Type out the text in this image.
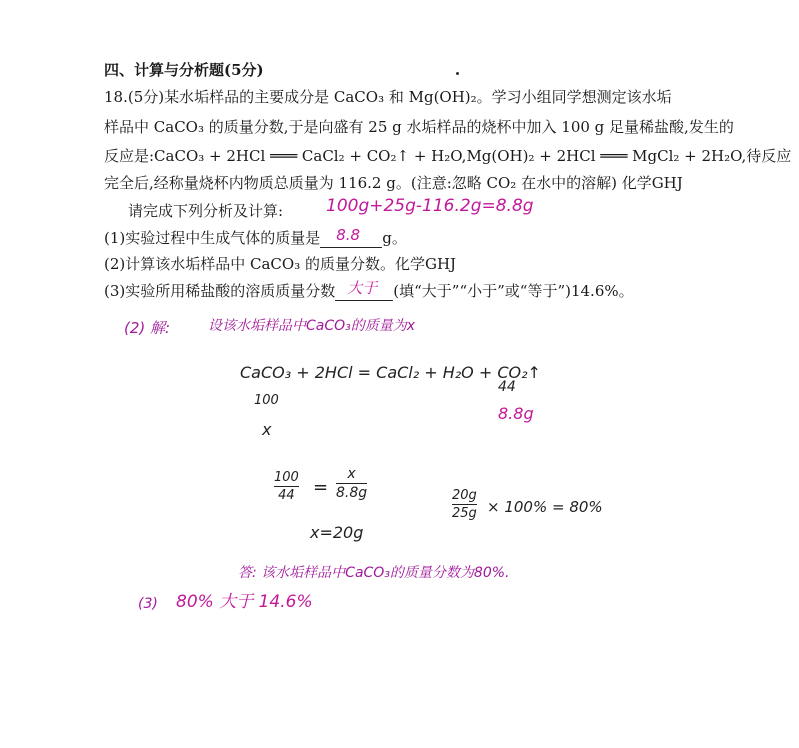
四、计算与分析题(5分)
18.(5分)某水垢样品的主要成分是 CaCO₃ 和 Mg(OH)₂。学习小组同学想测定该水垢
样品中 CaCO₃ 的质量分数,于是向盛有 25 g 水垢样品的烧杯中加入 100 g 足量稀盐酸,发生的
反应是:CaCO₃ + 2HCl ═══ CaCl₂ + CO₂↑ + H₂O,Mg(OH)₂ + 2HCl ═══ MgCl₂ + 2H₂O,待反应
完全后,经称量烧杯内物质总质量为 116.2 g。(注意:忽略 CO₂ 在水中的溶解) 化学GHJ
请完成下列分析及计算:	100g+25g-116.2g=8.8g
(1)实验过程中生成气体的质量是 8.8 g。
(2)计算该水垢样品中 CaCO₃ 的质量分数。化学GHJ
(3)实验所用稀盐酸的溶质质量分数 大于 (填“大于”“小于”或“等于”)14.6%。
(2) 解:	设该水垢样品中CaCO₃的质量为x
CaCO₃ + 2HCl = CaCl₂ + H₂O + CO₂↑
100
44
x
8.8g
100
44 =
x
8.8g
x=20g
20g
25g × 100% = 80%
答: 该水垢样品中CaCO₃的质量分数为80%.
(3) 80% 大于 14.6%
